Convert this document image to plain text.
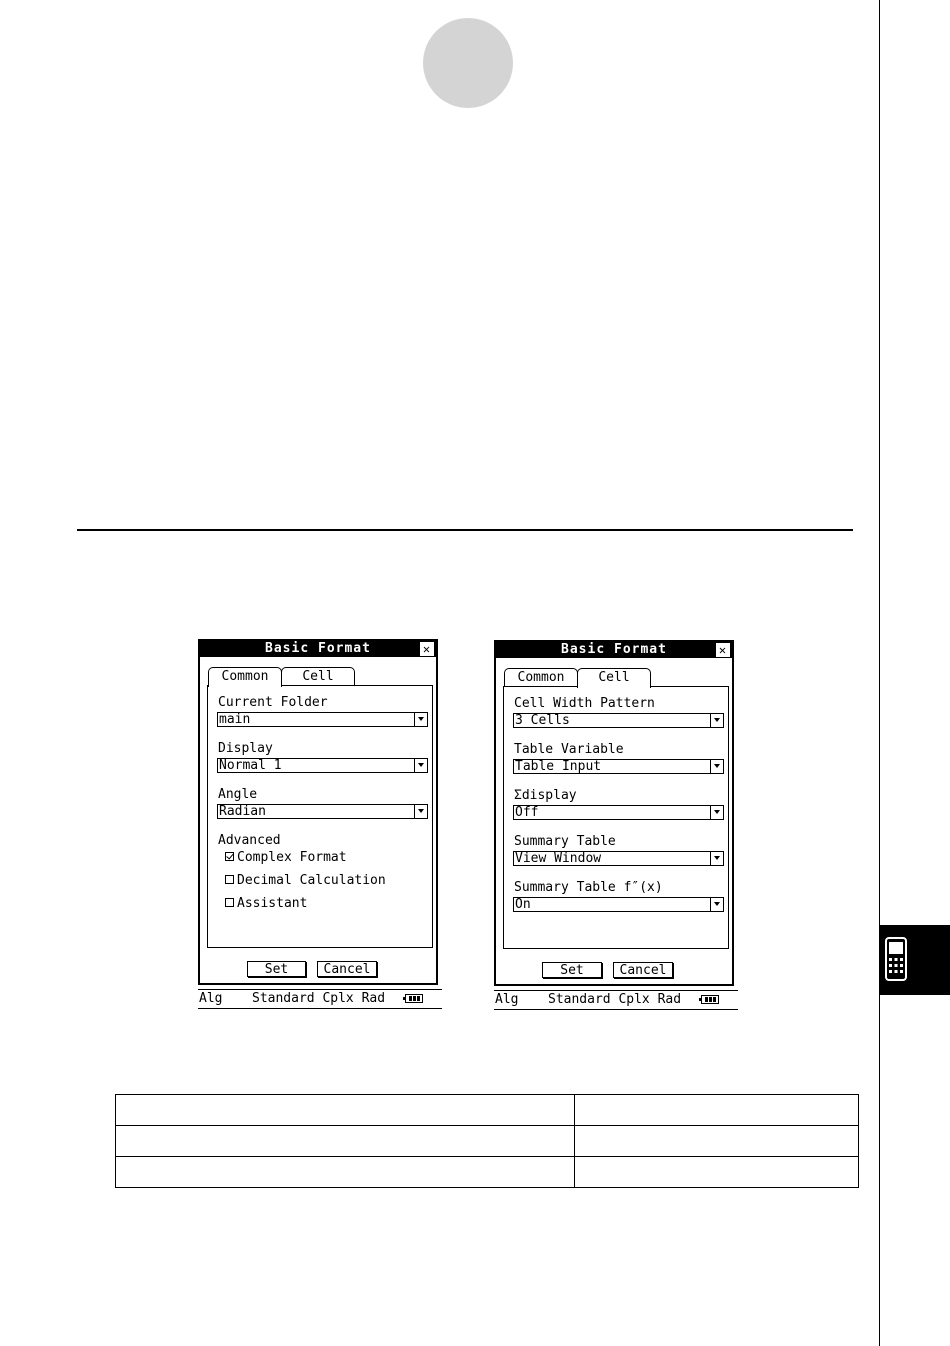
Basic Format	✕
Common	Cell
Current Folder
main
Display
Normal 1
Angle
Radian
Advanced
Complex Format
Decimal Calculation
Assistant
Set	Cancel
Alg Standard Cplx Rad
Basic Format	✕
Common	Cell
Cell Width Pattern
3 Cells
Table Variable
Table Input
Σdisplay
Off
Summary Table
View Window
Summary Table f″(x)
On
Set	Cancel
Alg Standard Cplx Rad
